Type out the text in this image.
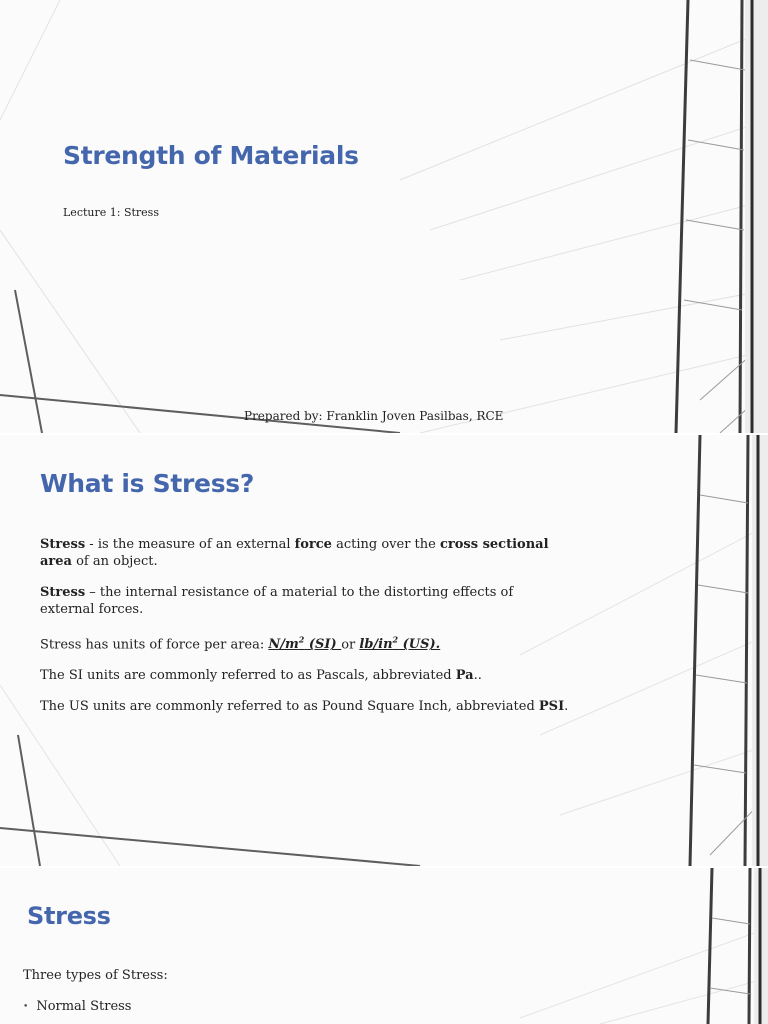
Strength of Materials
Lecture 1: Stress
Prepared by: Franklin Joven Pasilbas, RCE
What is Stress?

Stress - is the measure of an external force acting over the cross sectional area of an object.

Stress – the internal resistance of a material to the distorting effects of external forces.

Stress has units of force per area: $N/m^2$ (SI) or $lb/in^2$ (US).

The SI units are commonly referred to as Pascals, abbreviated Pa..

The US units are commonly referred to as Pound Square Inch, abbreviated PSI.

Stress
Three types of Stress:
• Normal Stress
